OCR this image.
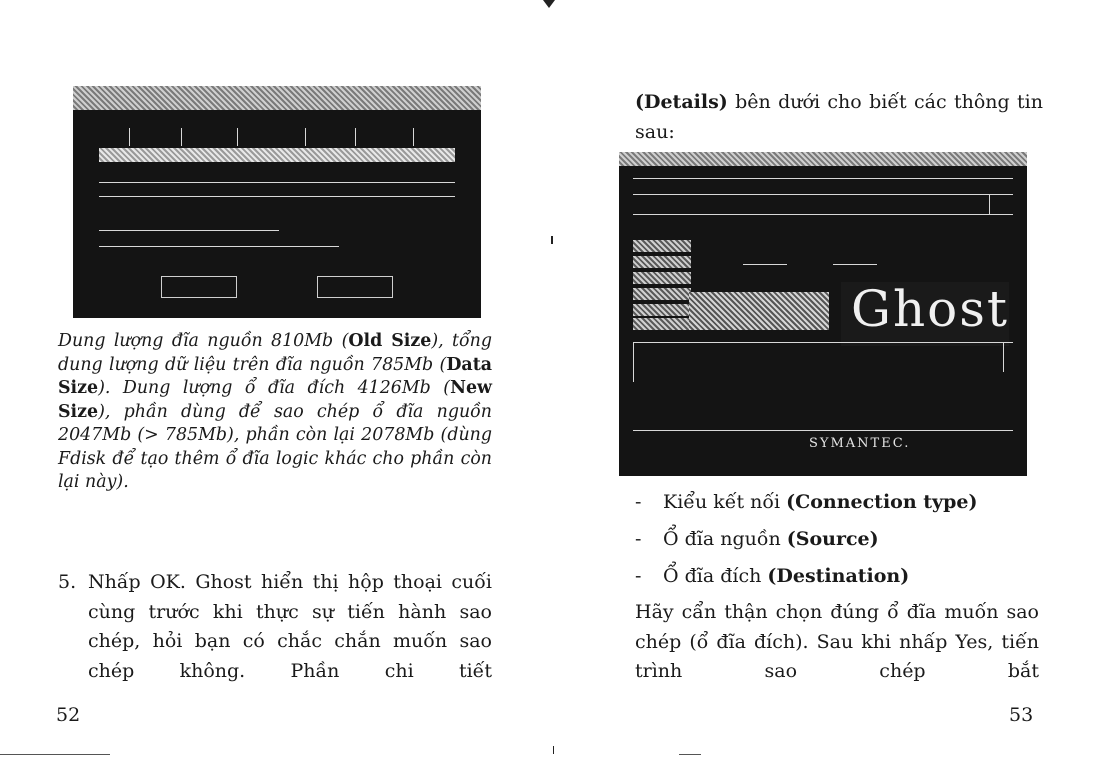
Dung lượng đĩa nguồn 810Mb (Old Size), tổng dung lượng dữ liệu trên đĩa nguồn 785Mb (Data Size). Dung lượng ổ đĩa đích 4126Mb (New Size), phần dùng để sao chép ổ đĩa nguồn 2047Mb (> 785Mb), phần còn lại 2078Mb (dùng Fdisk để tạo thêm ổ đĩa logic khác cho phần còn lại này).
5. Nhấp OK. Ghost hiển thị hộp thoại cuối cùng trước khi thực sự tiến hành sao chép, hỏi bạn có chắc chắn muốn sao chép không. Phần chi tiết
52
(Details) bên dưới cho biết các thông tin sau:
Ghost
SYMANTEC.
- Kiểu kết nối (Connection type)
- Ổ đĩa nguồn (Source)
- Ổ đĩa đích (Destination)
Hãy cẩn thận chọn đúng ổ đĩa muốn sao chép (ổ đĩa đích). Sau khi nhấp Yes, tiến trình sao chép bắt
53
